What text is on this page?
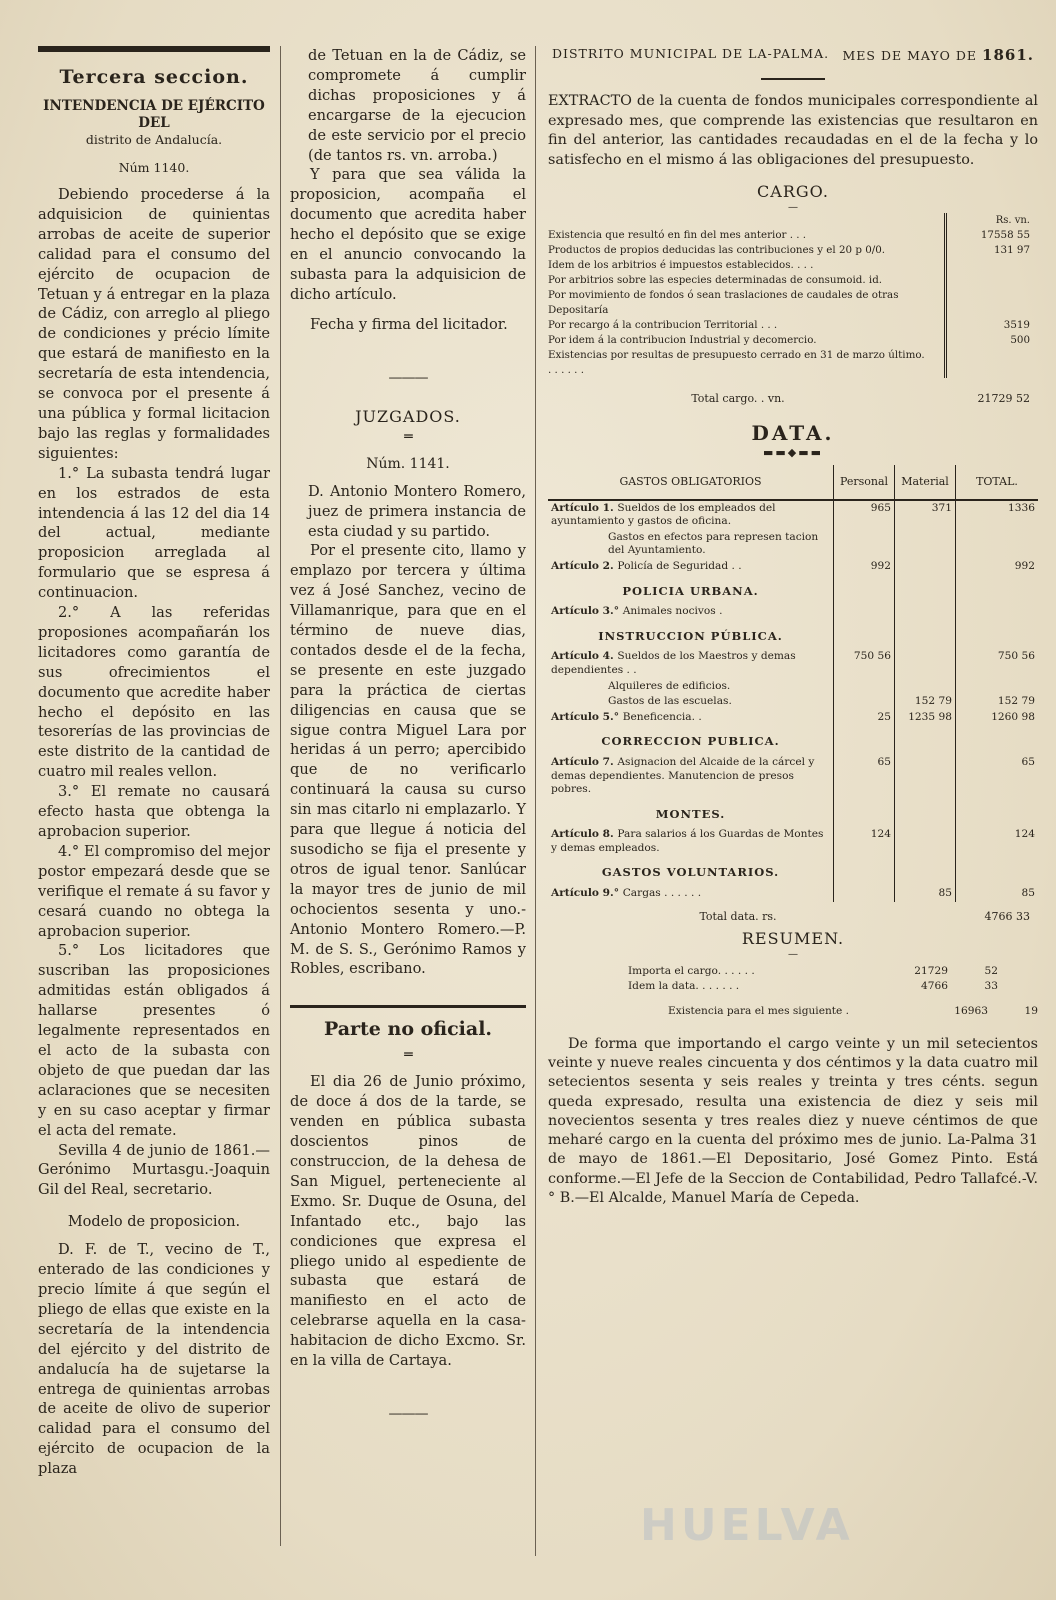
Tercera seccion.
INTENDENCIA DE EJÉRCITO DEL
distrito de Andalucía.
Núm 1140.

Debiendo procederse á la adquisicion de quinientas arrobas de aceite de superior calidad para el consumo del ejército de ocupacion de Tetuan y á entregar en la plaza de Cádiz, con arreglo al pliego de condiciones y précio límite que estará de manifiesto en la secretaría de esta intendencia, se convoca por el presente á una pública y formal licitacion bajo las reglas y formalidades siguientes:

1.° La subasta tendrá lugar en los estrados de esta intendencia á las 12 del dia 14 del actual, mediante proposicion arreglada al formulario que se espresa á continuacion.

2.° A las referidas proposiones acompañarán los licitadores como garantía de sus ofrecimientos el documento que acredite haber hecho el depósito en las tesorerías de las provincias de este distrito de la cantidad de cuatro mil reales vellon.

3.° El remate no causará efecto hasta que obtenga la aprobacion superior.

4.° El compromiso del mejor postor empezará desde que se verifique el remate á su favor y cesará cuando no obtega la aprobacion superior.

5.° Los licitadores que suscriban las proposiciones admitidas están obligados á hallarse presentes ó legalmente representados en el acto de la subasta con objeto de que puedan dar las aclaraciones que se necesiten y en su caso aceptar y firmar el acta del remate.

Sevilla 4 de junio de 1861.—Gerónimo Murtasgu.-Joaquin Gil del Real, secretario.

Modelo de proposicion.

D. F. de T., vecino de T., enterado de las condiciones y precio límite á que según el pliego de ellas que existe en la secretaría de la intendencia del ejército y del distrito de andalucía ha de sujetarse la entrega de quinientas arrobas de aceite de olivo de superior calidad para el consumo del ejército de ocupacion de la plaza

de Tetuan en la de Cádiz, se compromete á cumplir dichas proposiciones y á encargarse de la ejecucion de este servicio por el precio (de tantos rs. vn. arroba.)

Y para que sea válida la proposicion, acompaña el documento que acredita haber hecho el depósito que se exige en el anuncio convocando la subasta para la adquisicion de dicho artículo.

Fecha y firma del licitador.

———
JUZGADOS.
═
Núm. 1141.

D. Antonio Montero Romero, juez de primera instancia de esta ciudad y su partido.

Por el presente cito, llamo y emplazo por tercera y última vez á José Sanchez, vecino de Villamanrique, para que en el término de nueve dias, contados desde el de la fecha, se presente en este juzgado para la práctica de ciertas diligencias en causa que se sigue contra Miguel Lara por heridas á un perro; apercibido que de no verificarlo continuará la causa su curso sin mas citarlo ni emplazarlo. Y para que llegue á noticia del susodicho se fija el presente y otros de igual tenor. Sanlúcar la mayor tres de junio de mil ochocientos sesenta y uno.-Antonio Montero Romero.—P. M. de S. S., Gerónimo Ramos y Robles, escribano.

Parte no oficial.
═

El dia 26 de Junio próximo, de doce á dos de la tarde, se venden en pública subasta doscientos pinos de construccion, de la dehesa de San Miguel, perteneciente al Exmo. Sr. Duque de Osuna, del Infantado etc., bajo las condiciones que expresa el pliego unido al espediente de subasta que estará de manifiesto en el acto de celebrarse aquella en la casa-habitacion de dicho Excmo. Sr. en la villa de Cartaya.

———
DISTRITO MUNICIPAL DE LA-PALMA. MES DE MAYO DE 1861.

EXTRACTO de la cuenta de fondos municipales correspondiente al expresado mes, que comprende las existencias que resultaron en fin del anterior, las cantidades recaudadas en el de la fecha y lo satisfecho en el mismo á las obligaciones del presupuesto.

CARGO.
—
Rs. vn.

Existencia que resultó en fin del mes anterior . . .	17558 55
Productos de propios deducidas las contribuciones y el 20 p 0/0.	131 97
Idem de los arbitrios é impuestos establecidos. . . .
Por arbitrios sobre las especies determinadas de consumoid. id.
Por movimiento de fondos ó sean traslaciones de caudales de otras Depositaría
Por recargo á la contribucion Territorial . . .	3519
Por idem á la contribucion Industrial y decomercio.	500
Existencias por resultas de presupuesto cerrado en 31 de marzo último. . . . . . .
Total cargo. . vn.	21729 52
DATA.
▬▬◆▬▬
GASTOS OBLIGATORIOS	Personal	Material	TOTAL.
Artículo 1. Sueldos de los empleados del ayuntamiento y gastos de oficina.	965	371	1336
Gastos en efectos para represen tacion del Ayuntamiento.			
Artículo 2. Policía de Seguridad . .	992		992
POLICIA URBANA.			
Artículo 3.° Animales nocivos .			
INSTRUCCION PÚBLICA.			
Artículo 4. Sueldos de los Maestros y demas dependientes . .	750 56		750 56
Alquileres de edificios.			
Gastos de las escuelas.		152 79	152 79
Artículo 5.° Beneficencia. .	25	1235 98	1260 98
CORRECCION PUBLICA.			
Artículo 7. Asignacion del Alcaide de la cárcel y demas dependientes. Manutencion de presos pobres.	65		65
MONTES.			
Artículo 8. Para salarios á los Guardas de Montes y demas empleados.	124		124
GASTOS VOLUNTARIOS.			
Artículo 9.° Cargas . . . . . .		85	85
Total data. rs.	4766 33
RESUMEN.
—
Importa el cargo. . . . . .	21729	52
Idem la data. . . . . . .	4766	33
Existencia para el mes siguiente .	16963	19

De forma que importando el cargo veinte y un mil setecientos veinte y nueve reales cincuenta y dos céntimos y la data cuatro mil setecientos sesenta y seis reales y treinta y tres cénts. segun queda expresado, resulta una existencia de diez y seis mil novecientos sesenta y tres reales diez y nueve céntimos de que meharé cargo en la cuenta del próximo mes de junio. La-Palma 31 de mayo de 1861.—El Depositario, José Gomez Pinto. Está conforme.—El Jefe de la Seccion de Contabilidad, Pedro Tallafcé.-V.° B.—El Alcalde, Manuel María de Cepeda.

HUELVA
